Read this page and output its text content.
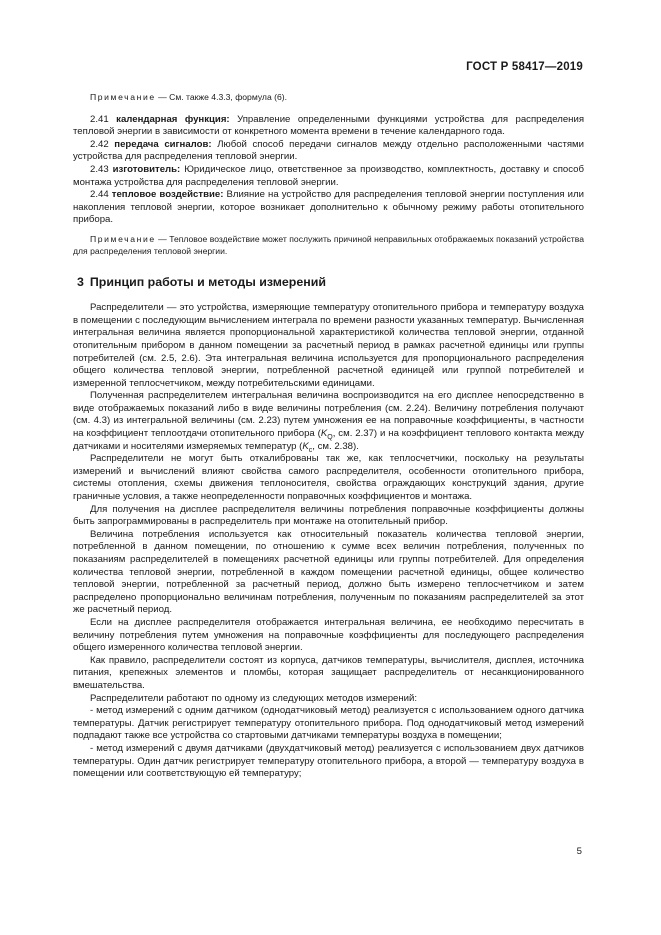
ГОСТ Р 58417—2019

Примечание — См. также 4.3.3, формула (6).

2.41 календарная функция: Управление определенными функциями устройства для распределения тепловой энергии в зависимости от конкретного момента времени в течение календарного года.

2.42 передача сигналов: Любой способ передачи сигналов между отдельно расположенными частями устройства для распределения тепловой энергии.

2.43 изготовитель: Юридическое лицо, ответственное за производство, комплектность, доставку и способ монтажа устройства для распределения тепловой энергии.

2.44 тепловое воздействие: Влияние на устройство для распределения тепловой энергии поступления или накопления тепловой энергии, которое возникает дополнительно к обычному режиму работы отопительного прибора.

Примечание — Тепловое воздействие может послужить причиной неправильных отображаемых показаний устройства для распределения тепловой энергии.

3 Принцип работы и методы измерений

Распределители — это устройства, измеряющие температуру отопительного прибора и температуру воздуха в помещении с последующим вычислением интеграла по времени разности указанных температур. Вычисленная интегральная величина является пропорциональной характеристикой количества тепловой энергии, отданной отопительным прибором в данном помещении за расчетный период в рамках расчетной единицы или группы потребителей (см. 2.5, 2.6). Эта интегральная величина используется для пропорционального распределения общего количества тепловой энергии, потребленной расчетной единицей или группой потребителей и измеренной теплосчетчиком, между потребительскими единицами.

Полученная распределителем интегральная величина воспроизводится на его дисплее непосредственно в виде отображаемых показаний либо в виде величины потребления (см. 2.24). Величину потребления получают (см. 4.3) из интегральной величины (см. 2.23) путем умножения ее на поправочные коэффициенты, в частности на коэффициент теплоотдачи отопительного прибора ($K_Q$, см. 2.37) и на коэффициент теплового контакта между датчиками и носителями измеряемых температур ($K_c$, см. 2.38).

Распределители не могут быть откалиброваны так же, как теплосчетчики, поскольку на результаты измерений и вычислений влияют свойства самого распределителя, особенности отопительного прибора, системы отопления, схемы движения теплоносителя, свойства ограждающих конструкций здания, другие граничные условия, а также неопределенности поправочных коэффициентов и монтажа.

Для получения на дисплее распределителя величины потребления поправочные коэффициенты должны быть запрограммированы в распределитель при монтаже на отопительный прибор.

Величина потребления используется как относительный показатель количества тепловой энергии, потребленной в данном помещении, по отношению к сумме всех величин потребления, полученных по показаниям распределителей в помещениях расчетной единицы или группы потребителей. Для определения количества тепловой энергии, потребленной в каждом помещении расчетной единицы, общее количество тепловой энергии, потребленной за расчетный период, должно быть измерено теплосчетчиком и затем распределено пропорционально величинам потребления, полученным по показаниям распределителей за этот же расчетный период.

Если на дисплее распределителя отображается интегральная величина, ее необходимо пересчитать в величину потребления путем умножения на поправочные коэффициенты для последующего распределения общего измеренного количества тепловой энергии.

Как правило, распределители состоят из корпуса, датчиков температуры, вычислителя, дисплея, источника питания, крепежных элементов и пломбы, которая защищает распределитель от несанкционированного вмешательства.

Распределители работают по одному из следующих методов измерений:

- метод измерений с одним датчиком (однодатчиковый метод) реализуется с использованием одного датчика температуры. Датчик регистрирует температуру отопительного прибора. Под однодатчиковый метод измерений подпадают также все устройства со стартовыми датчиками температуры воздуха в помещении;

- метод измерений с двумя датчиками (двухдатчиковый метод) реализуется с использованием двух датчиков температуры. Один датчик регистрирует температуру отопительного прибора, а второй — температуру воздуха в помещении или соответствующую ей температуру;

5
